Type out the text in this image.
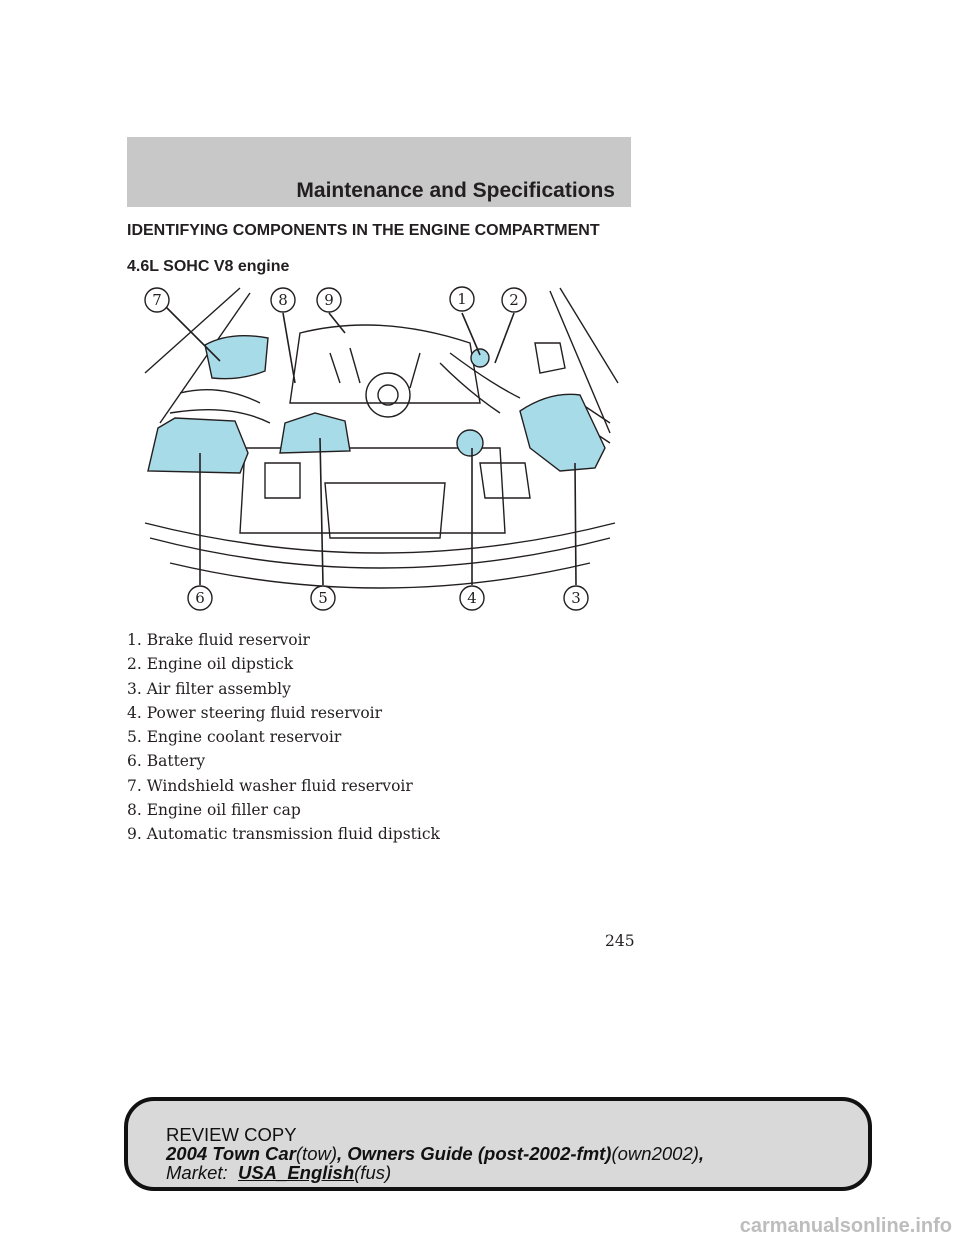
Maintenance and Specifications
IDENTIFYING COMPONENTS IN THE ENGINE COMPARTMENT
4.6L SOHC V8 engine
7	8 9	1	2
6	5	4	3
1. Brake fluid reservoir
2. Engine oil dipstick
3. Air filter assembly
4. Power steering fluid reservoir
5. Engine coolant reservoir
6. Battery
7. Windshield washer fluid reservoir
8. Engine oil filler cap
9. Automatic transmission fluid dipstick
245
REVIEW COPY
2004 Town Car(tow), Owners Guide (post-2002-fmt)(own2002),
Market: USA_English(fus)
carmanualsonline.info
